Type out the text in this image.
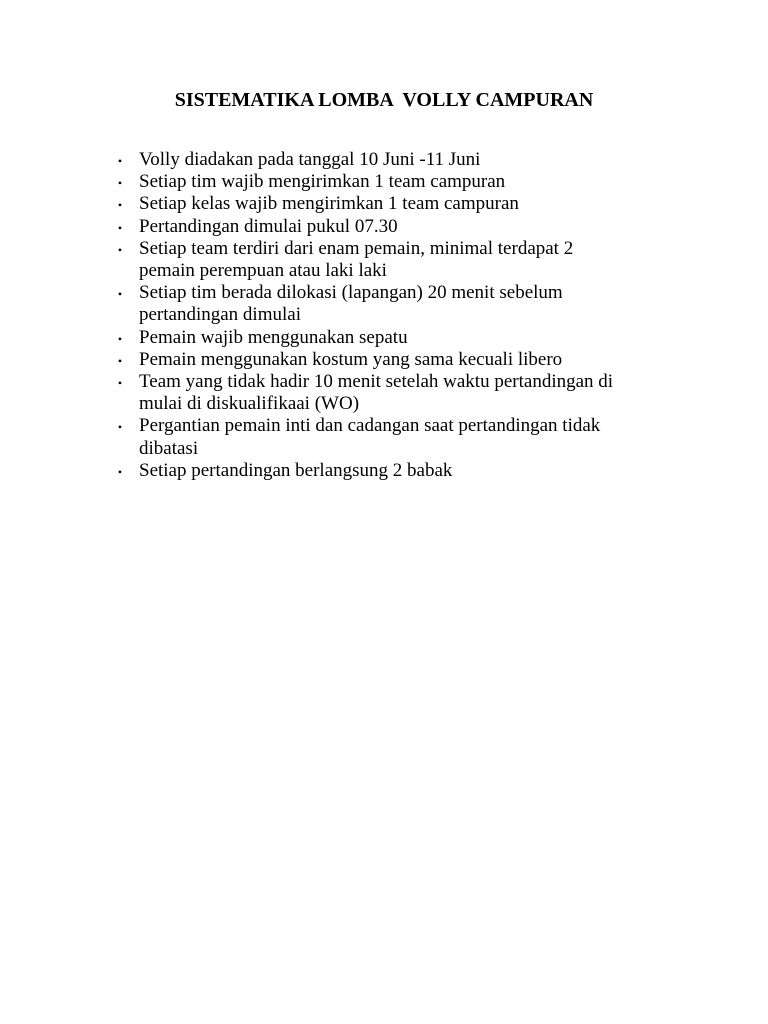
SISTEMATIKA LOMBA  VOLLY CAMPURAN
• Volly diadakan pada tanggal 10 Juni -11 Juni
• Setiap tim wajib mengirimkan 1 team campuran
• Setiap kelas wajib mengirimkan 1 team campuran
• Pertandingan dimulai pukul 07.30
• Setiap team terdiri dari enam pemain, minimal terdapat 2
pemain perempuan atau laki laki
• Setiap tim berada dilokasi (lapangan) 20 menit sebelum
pertandingan dimulai
• Pemain wajib menggunakan sepatu
• Pemain menggunakan kostum yang sama kecuali libero
• Team yang tidak hadir 10 menit setelah waktu pertandingan di
mulai di diskualifikaai (WO)
• Pergantian pemain inti dan cadangan saat pertandingan tidak
dibatasi
• Setiap pertandingan berlangsung 2 babak
